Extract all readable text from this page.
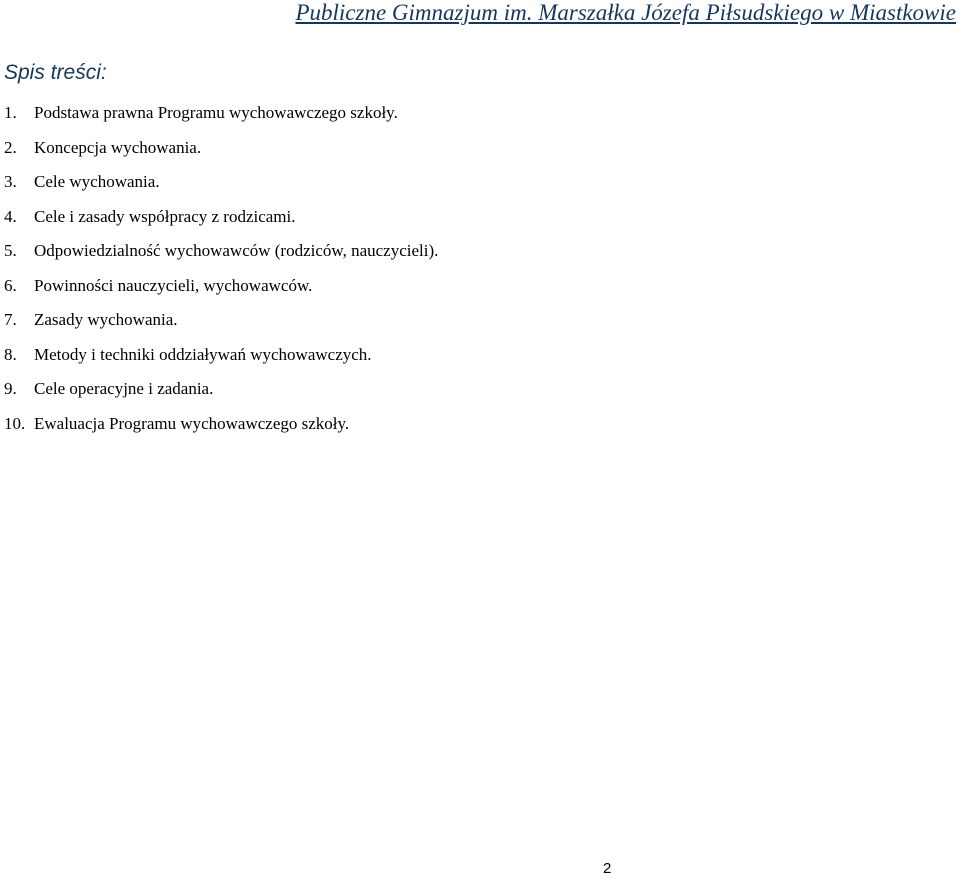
Publiczne Gimnazjum im. Marszałka Józefa Piłsudskiego w Miastkowie
Spis treści:
1. Podstawa prawna Programu wychowawczego szkoły.
2. Koncepcja wychowania.
3. Cele wychowania.
4. Cele i zasady współpracy z rodzicami.
5. Odpowiedzialność wychowawców (rodziców, nauczycieli).
6. Powinności nauczycieli, wychowawców.
7. Zasady wychowania.
8. Metody i techniki oddziaływań wychowawczych.
9. Cele operacyjne i zadania.
10. Ewaluacja Programu wychowawczego szkoły.
2
